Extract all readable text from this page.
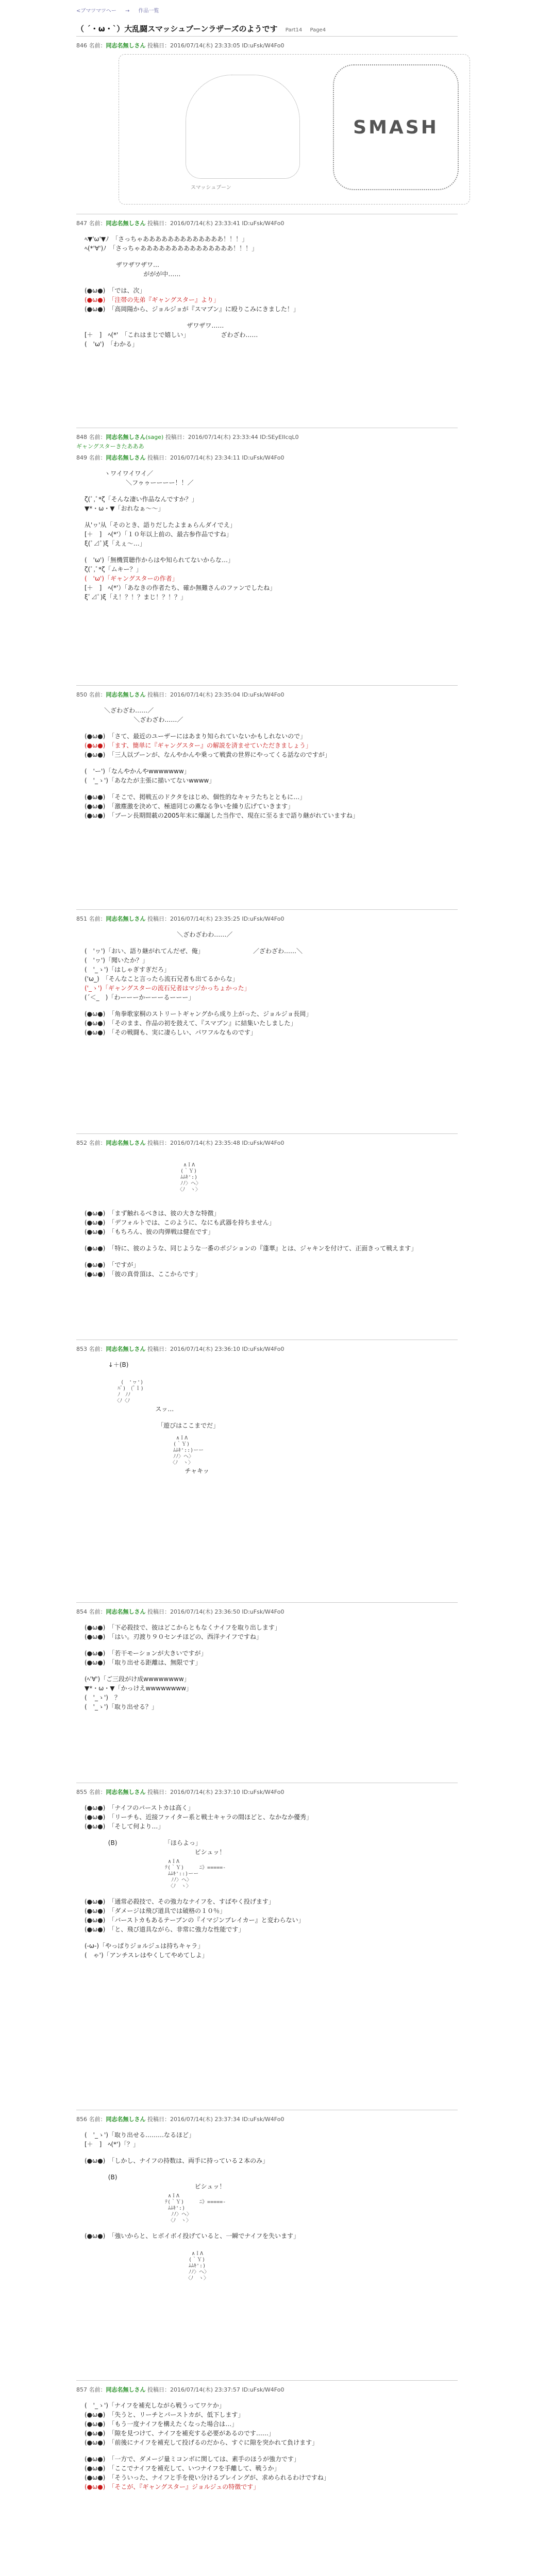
<ブマツマツヘー → 作品一覧
（ ´・ω・`）大乱闘スマッシュブーンラザーズのようです Part14 Page4
846 名前：同志名無しさん 投稿日：2016/07/14(木) 23:33:05 ID:uFsk/W4Fo0
SMASH
スマッシュブーン
847 名前：同志名無しさん 投稿日：2016/07/14(木) 23:33:41 ID:uFsk/W4Fo0
ﾍ▼'ω'▼ﾉ　「さっちゃあああああああああああああ！！！」
ﾍ(*'∀')ﾉ　「さっちゃあああああああああああああああ！！！」
ザワザワザワ…
ががが中……
(●ω●)　「では、次」
(●ω●)　「注帯の先弟『ギャングスター』より」
(●ω●)　「高岡陽から、ジョルジョが『スマブン』に殴りこみにきました！」
ザワザワ……
[＋　]　ﾍ(*'　「これはまじで嬉しい」                ざわざわ……
(　'ω')　「わかる」
848 名前：同志名無しさん(sage) 投稿日：2016/07/14(木) 23:33:44 ID:SEyEIIcqL0
ギャングスターきたあああ
849 名前：同志名無しさん 投稿日：2016/07/14(木) 23:34:11 ID:uFsk/W4Fo0
ヽワイワイワイ／
＼フゥゥーーーー！！／
ζ(ﾟ,ﾟ*ζ「そんな凄い作品なんですか？」
▼*・ω・▼「おれなぁ～～」
从'ヮ'从「そのとき、語りだしたよまぁらんダイでえ」
[＋　]　ﾍ(*'）「１０年以上前の、最古参作品ですね」
ξ(ﾟ⊿ﾟ)ξ「えぇ～…」
(　'ω')「無機質聴作からはや知られてないからな…」
ζ(ﾟ,ﾟ*ζ「ムキー？」
(　'ω')「ギャングスターの作者」
[＋　]　ﾍ(*'）「あなきの作者たち、確か無難さんのファンでしたね」
ξﾟ⊿ﾟ)ξ「え！？！？まじ！？！？」
850 名前：同志名無しさん 投稿日：2016/07/14(木) 23:35:04 ID:uFsk/W4Fo0
＼ざわざわ……／
＼ざわざわ……／
(●ω●)　「さて、最近のユーザーにはあまり知られていないかもしれないので」
(●ω●)　「ます、簡単に『ギャングスター』の解説を済ませていただきましょう」
(●ω●)　「三人以ブーンが、なんやかんや乗って戦貴の世界にやってくる話なのですが」
(　'ー')「なんやかんやwwwwwww」
(　'_ゝ')「あなたが主張に描いてないwwww」
(●ω●)　「そこで、掲戦五のドクタをはじめ、個性的なキャラたちとともに…」
(●ω●)　「激塵激を決めて、極道同じの薫なる争いを繰り広げていきます」
(●ω●)　「ブーン長期間載の2005年末に爆誕した当作で、現在に至るまで語り継がれていますね」
851 名前：同志名無しさん 投稿日：2016/07/14(木) 23:35:25 ID:uFsk/W4Fo0
＼ざわざわわ……／
(　'ヮ')「おい、語り継がれてんだぜ、俺」                         ／ざわざわ……＼
(　'ヮ')「聞いたか？」
(　'_ゝ')「はしゃぎすぎだろ」
('ω_)　「そんなこと言ったら流石兄者も出てるからな」
('_ゝ')「ギャングスターの流石兄者はマジかっちょかった」
(´＜_　)「わーーーかーーーるーーー」
(●ω●)　「角拳歌家桐のストリートギャングから成り上がった、ジョルジョ長岡」
(●ω●)　「そのまま、作品の初を鼓えて、『スマブン』に結集いたしました」
(●ω●)　「その戦闘も、実に凄らしい、パワフルなものです」
852 名前：同志名無しさん 投稿日：2016/07/14(木) 23:35:48 ID:uFsk/W4Fo0
∧ＩΛ
(｀Ｙ)
ﾑﾑｷ':)
ﾉﾉ〉ヘ〉
〈ﾉ　ヽ〉
(●ω●)　「まず触れるべきは、彼の大きな特徴」
(●ω●)　「デフォルトでは、このように、なにも武器を持ちません」
(●ω●)　「もちろん、彼の肉弾戦は健在です」
(●ω●)　「特に、彼のような、同じような一番のポジションの『蓬華』とは、ジャキンを付けて、正面きって戦えます」
(●ω●)　「ですが」
(●ω●)　「彼の真骨頂は、ここからです」
853 名前：同志名無しさん 投稿日：2016/07/14(木) 23:36:10 ID:uFsk/W4Fo0
↓＋(B)
(　'ヮ')
ﾊﾞ)　(ﾞｌ)
ﾉ　ﾉﾉ
〈ﾉ〈ﾉ
スッ…
「遊びはここまでだ」
∧ＩΛ
(｀Ｙ)
ﾑﾑｷ'::)ーー
ﾉﾉ〉ヘ〉
〈ﾉ　ヽ〉
チャキッ
854 名前：同志名無しさん 投稿日：2016/07/14(木) 23:36:50 ID:uFsk/W4Fo0
(●ω●)　「下必殺技で、彼はどこからともなくナイフを取り出します」
(●ω●)　「はい。刃渡り９０センチほどの、西洋ナイフですね」
(●ω●)　「若干モーションが大きいですが」
(●ω●)　「取り出せる距離は、無限です」
(ﾍ'∀')「ご三段がけ成wwwwwwww」
▼*・ω・▼「かっけえwwwwwwww」
(　'_ゝ')　？
(　'_ゝ')「取り出せる？」
855 名前：同志名無しさん 投稿日：2016/07/14(木) 23:37:10 ID:uFsk/W4Fo0
(●ω●)　「ナイフのバーストカは高く」
(●ω●)　「リーチも、近接ファイター系と戦士キャラの間ほどと、なかなか優秀」
(●ω●)　「そして何より…」
(B)                        「ほらよっ」
ビシュッ！
∧ＩΛ
ﾃ(｀Ｙ)　　　ﾆ》=====-
ﾑﾑｷ'::)ーー
ﾉﾉ〉ヘ〉
〈ﾉ　ヽ〉
(●ω●)　「通常必殺技で、その強力なナイフを、すばやく投げます」
(●ω●)　「ダメージは飛び道具では破格の１０％」
(●ω●)　「バーストカもあるテーブンの『イマジンブレイカー』と変わらない」
(●ω●)　「と、飛び道具ながら、非常に強力な性能です」
(-ω-)「やっぱりジョルジュは持ちキャラ」
(　ゃ')「アンチスレはやくしてやめてしよ」
856 名前：同志名無しさん 投稿日：2016/07/14(木) 23:37:34 ID:uFsk/W4Fo0
(　'_ゝ')「取り出せる………なるほど」
[＋　]　ﾍ(*')「？」
(●ω●)　「しかし、ナイフの持数は、両手に持っている２本のみ」
(B)
ビシュッ！
∧ＩΛ
ﾃ(｀Ｙ)　　　ﾆ》=====-
ﾑﾑｷ':)
ﾉﾉ〉ヘ〉
〈ﾉ　ヽ〉
(●ω●)　「強いからと、ヒボイボイ投げていると、一瞬でナイフを失います」
∧ＩΛ
(｀Ｙ)
ﾑﾑｷ':)
ﾉﾉ〉ヘ〉
〈ﾉ　ヽ〉
857 名前：同志名無しさん 投稿日：2016/07/14(木) 23:37:57 ID:uFsk/W4Fo0
(　'_ゝ')「ナイフを補充しながら戦うってワケか」
(●ω●)　「失うと、リーチとパーストカが、低下します」
(●ω●)　「もう一度ナイフを構えたくなった場合は…」
(●ω●)　「隙を見つけて、ナイフを補充する必要があるのです……」
(●ω●)　「前後にナイフを補充して投げるのだから、すぐに隙を突かれて負けます」
(●ω●)　「一方で、ダメージ量ミコンボに関しては、素手のほうが強力です」
(●ω●)　「ここでナイフを補充して、いつナイフを手離して、戦うか」
(●ω●)　「そういった、ナイフと手を使い分けるプレイングが、求められるわけですね」
(●ω●)　「そこが、『ギャングスター』ジョルジュの特徴です」
